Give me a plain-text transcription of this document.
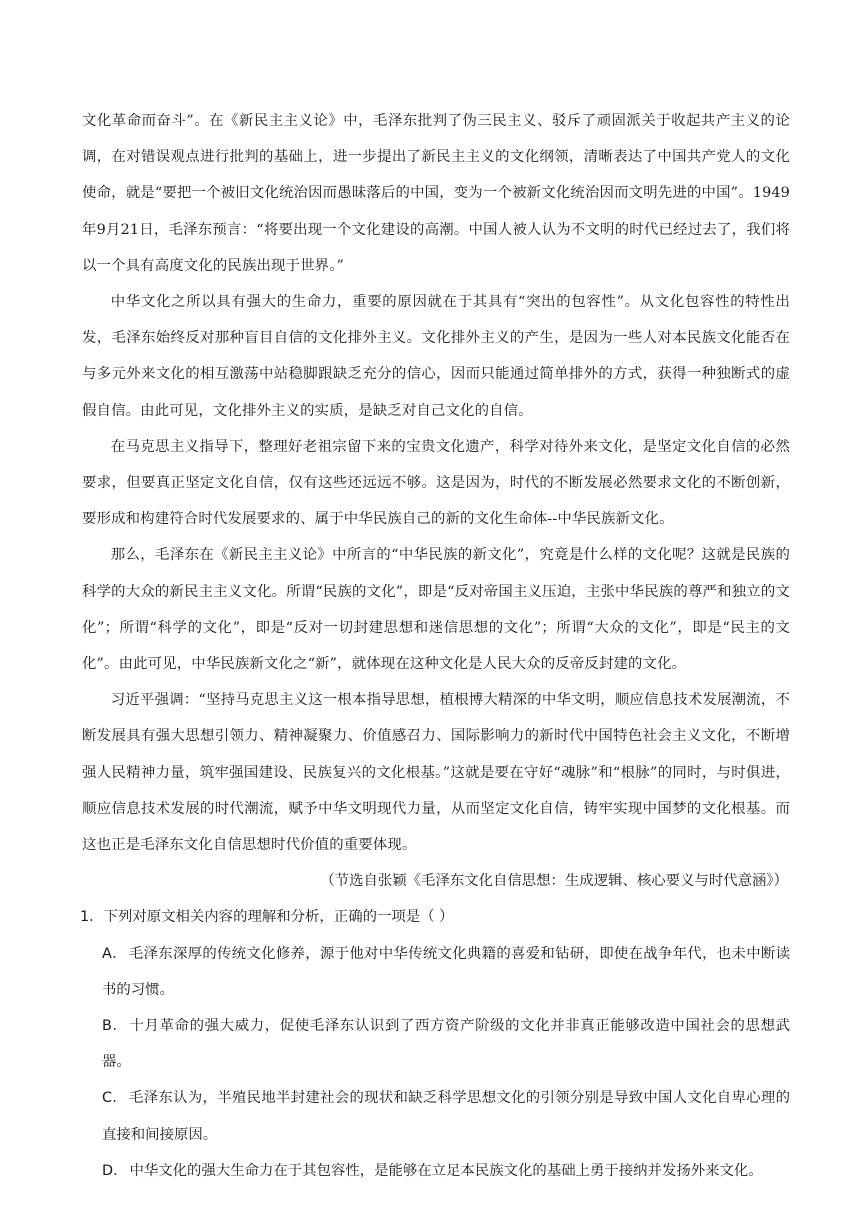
文化革命而奋斗”。在《新民主主义论》中，毛泽东批判了伪三民主义、驳斥了顽固派关于收起共产主义的论调，在对错误观点进行批判的基础上，进一步提出了新民主主义的文化纲领，清晰表达了中国共产党人的文化使命，就是“要把一个被旧文化统治因而愚昧落后的中国，变为一个被新文化统治因而文明先进的中国”。1949年9月21日，毛泽东预言：“将要出现一个文化建设的高潮。中国人被人认为不文明的时代已经过去了，我们将以一个具有高度文化的民族出现于世界。”

中华文化之所以具有强大的生命力，重要的原因就在于其具有“突出的包容性”。从文化包容性的特性出发，毛泽东始终反对那种盲目自信的文化排外主义。文化排外主义的产生，是因为一些人对本民族文化能否在与多元外来文化的相互激荡中站稳脚跟缺乏充分的信心，因而只能通过简单排外的方式，获得一种独断式的虚假自信。由此可见，文化排外主义的实质，是缺乏对自己文化的自信。

在马克思主义指导下，整理好老祖宗留下来的宝贵文化遗产，科学对待外来文化，是坚定文化自信的必然要求，但要真正坚定文化自信，仅有这些还远远不够。这是因为，时代的不断发展必然要求文化的不断创新，要形成和构建符合时代发展要求的、属于中华民族自己的新的文化生命体--中华民族新文化。

那么，毛泽东在《新民主主义论》中所言的“中华民族的新文化”，究竟是什么样的文化呢？这就是民族的科学的大众的新民主主义文化。所谓“民族的文化”，即是“反对帝国主义压迫，主张中华民族的尊严和独立的文化”；所谓“科学的文化”，即是“反对一切封建思想和迷信思想的文化”；所谓“大众的文化”，即是“民主的文化”。由此可见，中华民族新文化之“新”，就体现在这种文化是人民大众的反帝反封建的文化。

习近平强调：“坚持马克思主义这一根本指导思想，植根博大精深的中华文明，顺应信息技术发展潮流，不断发展具有强大思想引领力、精神凝聚力、价值感召力、国际影响力的新时代中国特色社会主义文化，不断增强人民精神力量，筑牢强国建设、民族复兴的文化根基。”这就是要在守好“魂脉”和“根脉”的同时，与时俱进，顺应信息技术发展的时代潮流，赋予中华文明现代力量，从而坚定文化自信，铸牢实现中国梦的文化根基。而这也正是毛泽东文化自信思想时代价值的重要体现。

（节选自张颖《毛泽东文化自信思想：生成逻辑、核心要义与时代意涵》）

1．下列对原文相关内容的理解和分析，正确的一项是（ ）

A． 毛泽东深厚的传统文化修养，源于他对中华传统文化典籍的喜爱和钻研，即使在战争年代，也未中断读书的习惯。

B． 十月革命的强大威力，促使毛泽东认识到了西方资产阶级的文化并非真正能够改造中国社会的思想武器。

C． 毛泽东认为，半殖民地半封建社会的现状和缺乏科学思想文化的引领分别是导致中国人文化自卑心理的直接和间接原因。

D． 中华文化的强大生命力在于其包容性，是能够在立足本民族文化的基础上勇于接纳并发扬外来文化。
